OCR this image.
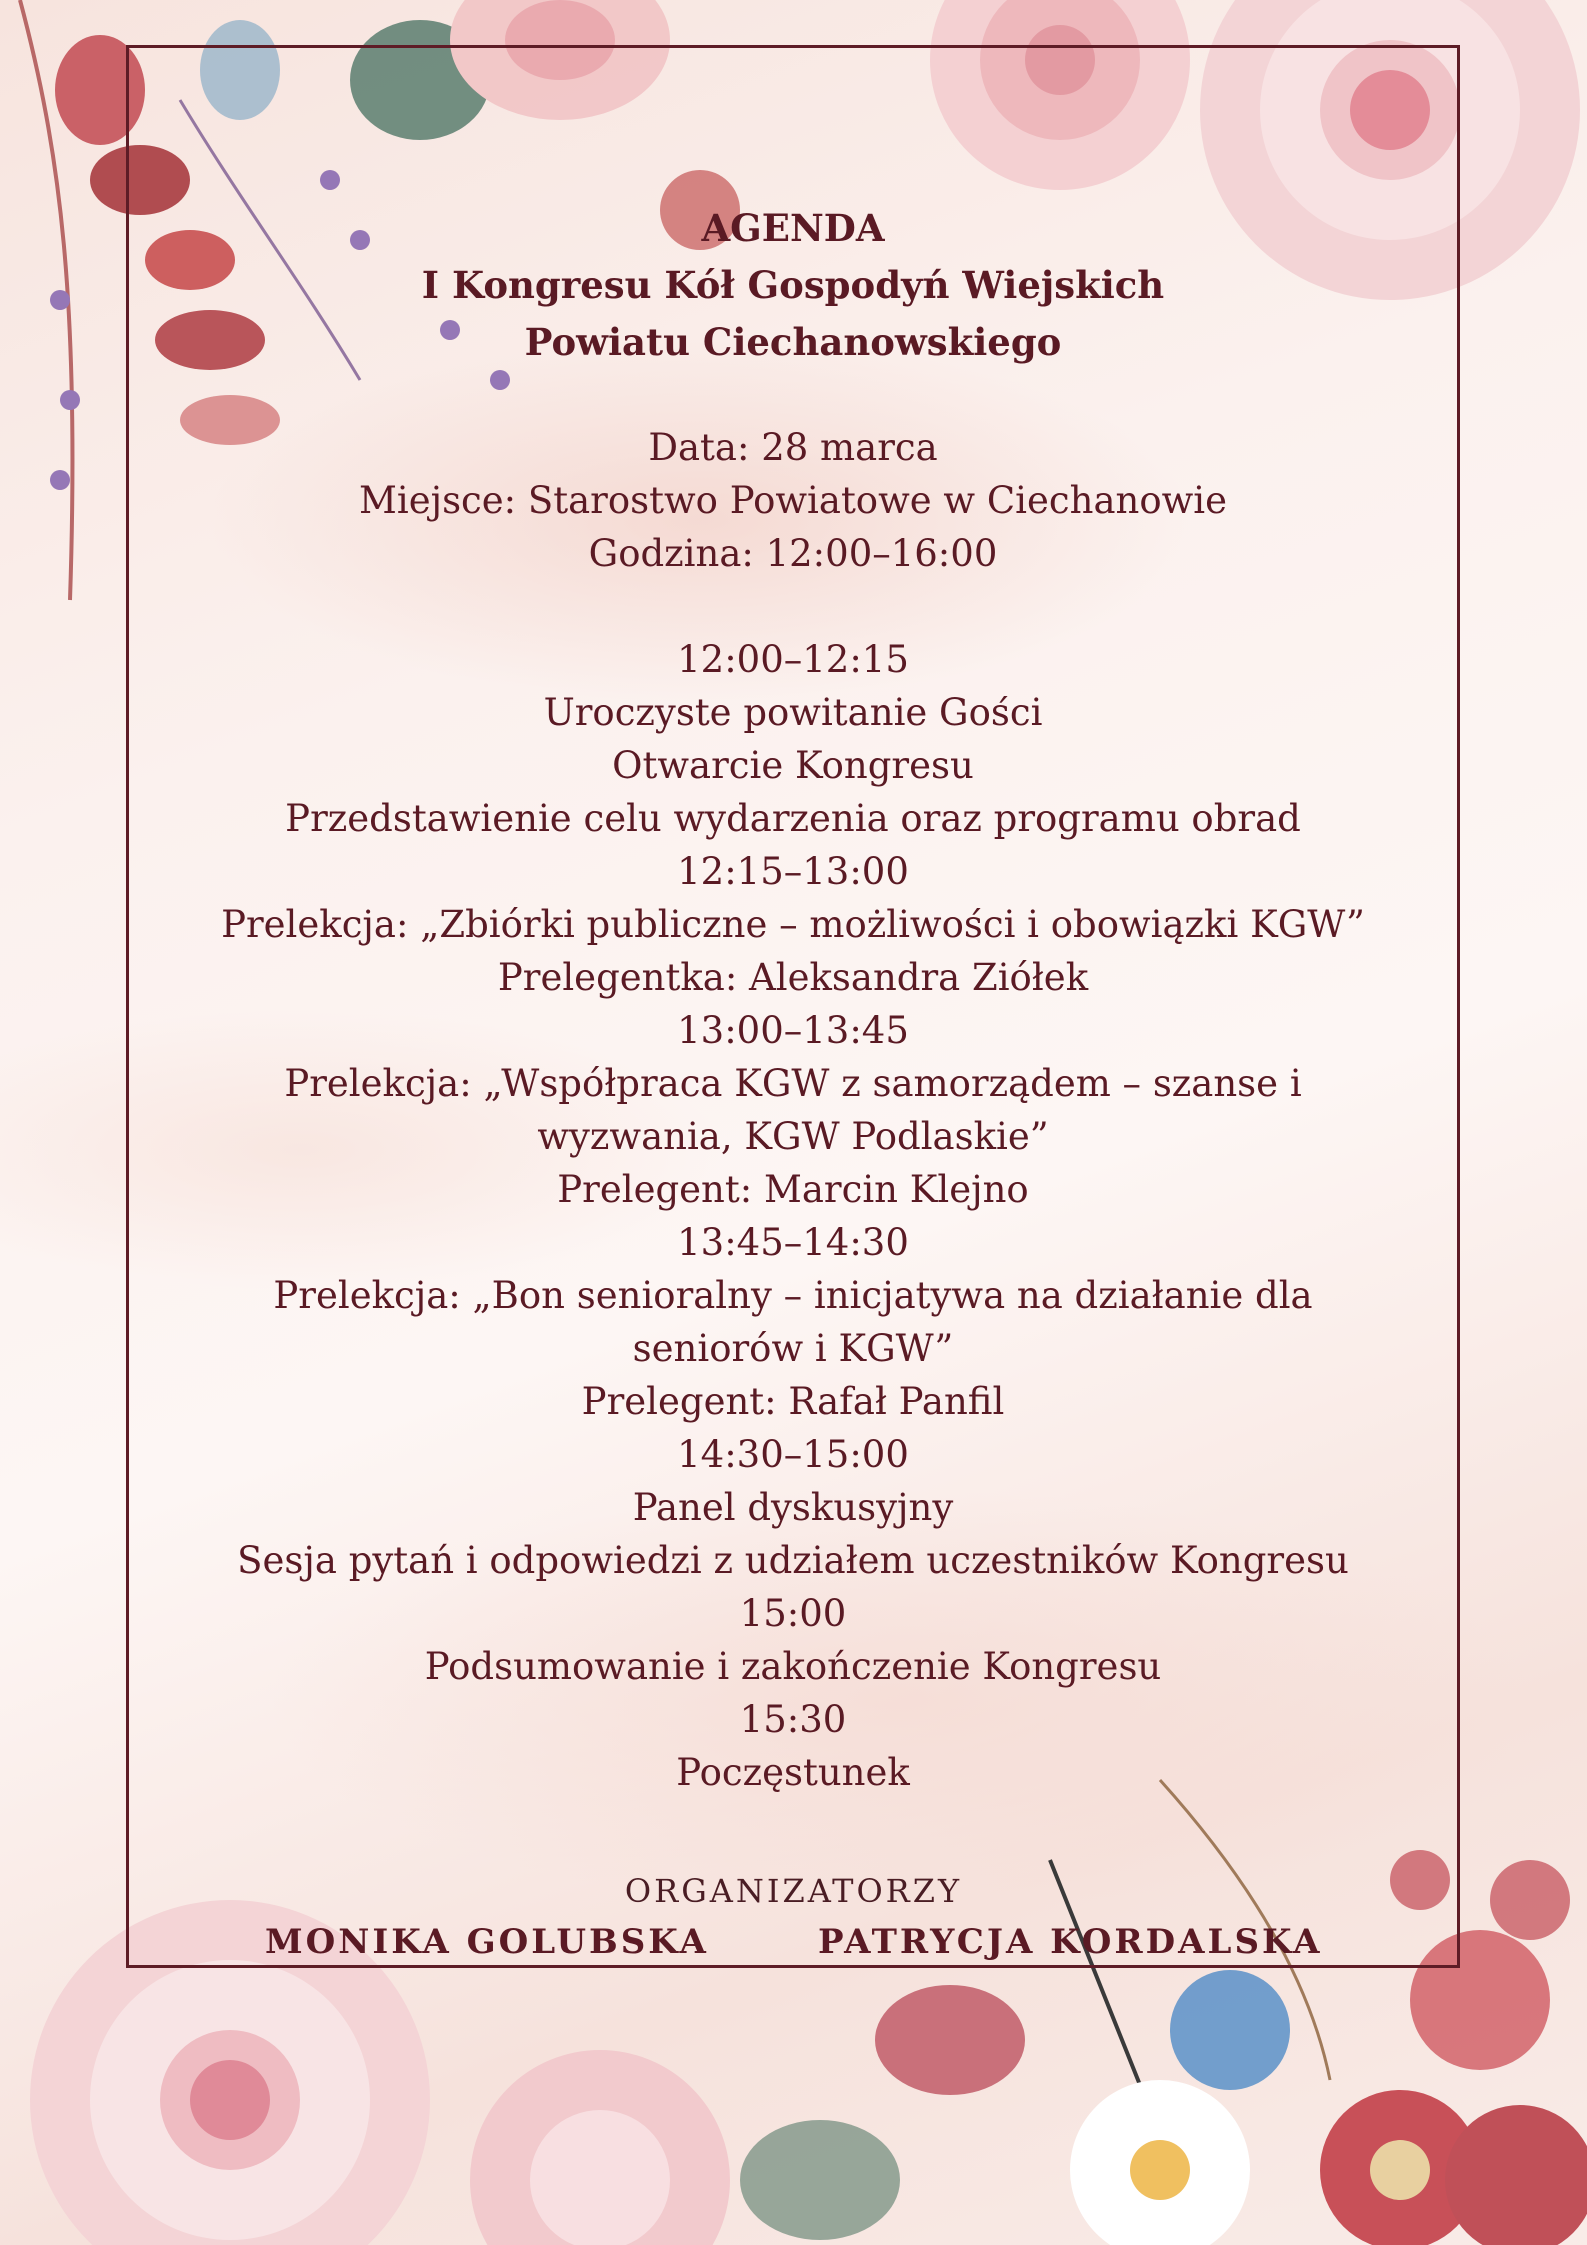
AGENDA

I Kongresu Kół Gospodyń Wiejskich

Powiatu Ciechanowskiego

Data: 28 marca
Miejsce: Starostwo Powiatowe w Ciechanowie
Godzina: 12:00–16:00
12:00–12:15
Uroczyste powitanie Gości
Otwarcie Kongresu
Przedstawienie celu wydarzenia oraz programu obrad
12:15–13:00
Prelekcja: „Zbiórki publiczne – możliwości i obowiązki KGW”
Prelegentka: Aleksandra Ziółek
13:00–13:45
Prelekcja: „Współpraca KGW z samorządem – szanse i
wyzwania, KGW Podlaskie”
Prelegent: Marcin Klejno
13:45–14:30
Prelekcja: „Bon senioralny – inicjatywa na działanie dla
seniorów i KGW”
Prelegent: Rafał Panfil
14:30–15:00
Panel dyskusyjny
Sesja pytań i odpowiedzi z udziałem uczestników Kongresu
15:00
Podsumowanie i zakończenie Kongresu
15:30
Poczęstunek
ORGANIZATORZY
MONIKA GOLUBSKA	PATRYCJA KORDALSKA
